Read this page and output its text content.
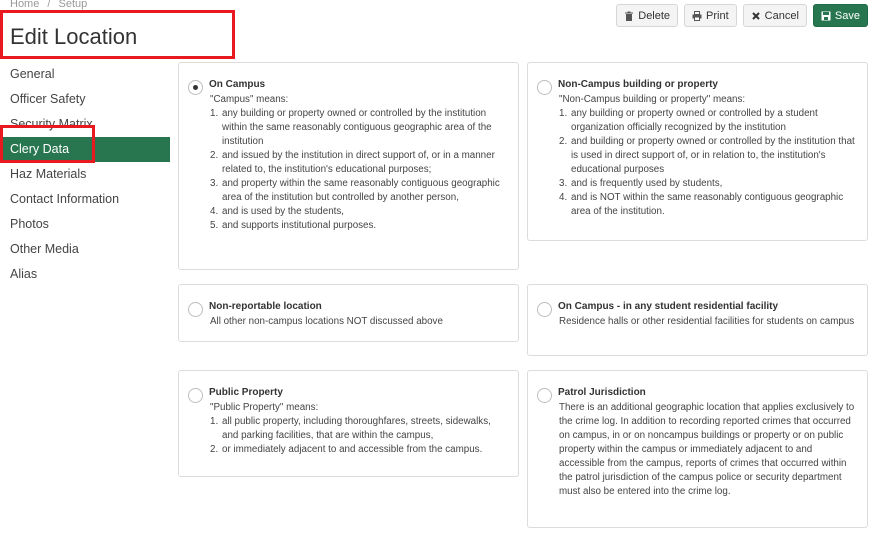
Home / Setup
Edit Location
Delete	Print	Cancel	Save
General
Officer Safety
Security Matrix
Clery Data
Haz Materials
Contact Information
Photos
Other Media
Alias
On Campus
"Campus" means:
1. any building or property owned or controlled by the institution within the same reasonably contiguous geographic area of the institution
2. and issued by the institution in direct support of, or in a manner related to, the institution's educational purposes;
3. and property within the same reasonably contiguous geographic area of the institution but controlled by another person,
4. and is used by the students,
5. and supports institutional purposes.
Non-Campus building or property
"Non-Campus building or property" means:
1. any building or property owned or controlled by a student organization officially recognized by the institution
2. and building or property owned or controlled by the institution that is used in direct support of, or in relation to, the institution's educational purposes
3. and is frequently used by students,
4. and is NOT within the same reasonably contiguous geographic area of the institution.
Non-reportable location
All other non-campus locations NOT discussed above
On Campus - in any student residential facility
Residence halls or other residential facilities for students on campus
Public Property
"Public Property" means:
1. all public property, including thoroughfares, streets, sidewalks, and parking facilities, that are within the campus,
2. or immediately adjacent to and accessible from the campus.
Patrol Jurisdiction
There is an additional geographic location that applies exclusively to the crime log. In addition to recording reported crimes that occurred on campus, in or on noncampus buildings or property or on public property within the campus or immediately adjacent to and accessible from the campus, reports of crimes that occurred within the patrol jurisdiction of the campus police or security department must also be entered into the crime log.
